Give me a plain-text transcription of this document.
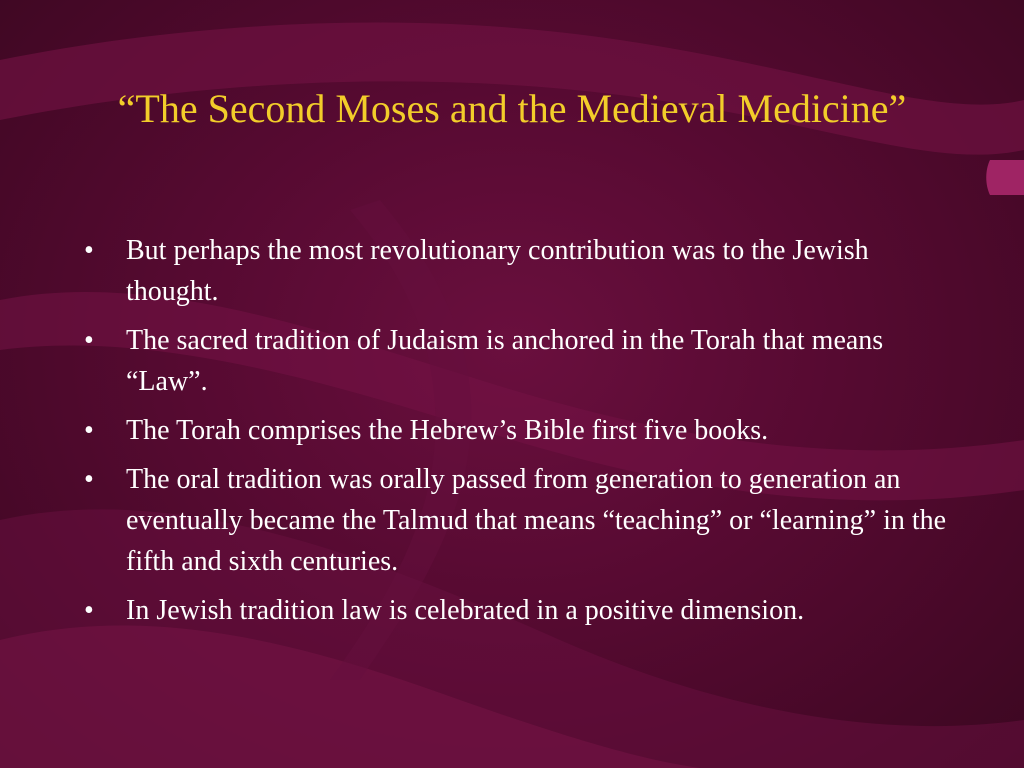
“The Second Moses and the Medieval Medicine”
•	But perhaps the most revolutionary contribution was to the Jewish thought.
•	The sacred tradition of Judaism is anchored in the Torah that means “Law”.
•	The Torah comprises the Hebrew’s Bible first five books.
•	The oral tradition was orally passed from generation to generation an eventually became the Talmud that means “teaching” or “learning” in the fifth and sixth centuries.
•	In Jewish tradition law is celebrated in a positive dimension.
